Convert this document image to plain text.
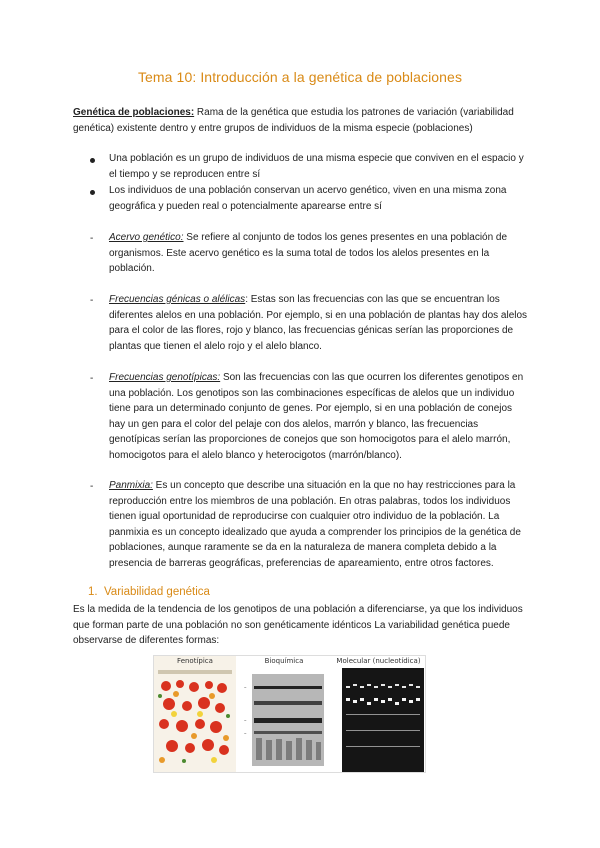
Tema 10: Introducción a la genética de poblaciones
Genética de poblaciones: Rama de la genética que estudia los patrones de variación (variabilidad genética) existente dentro y entre grupos de individuos de la misma especie (poblaciones)
Una población es un grupo de individuos de una misma especie que conviven en el espacio y el tiempo y se reproducen entre sí
Los individuos de una población conservan un acervo genético, viven en una misma zona geográfica y pueden real o potencialmente aparearse entre sí
- Acervo genético: Se refiere al conjunto de todos los genes presentes en una población de organismos. Este acervo genético es la suma total de todos los alelos presentes en la población.
- Frecuencias génicas o alélicas: Estas son las frecuencias con las que se encuentran los diferentes alelos en una población. Por ejemplo, si en una población de plantas hay dos alelos para el color de las flores, rojo y blanco, las frecuencias génicas serían las proporciones de plantas que tienen el alelo rojo y el alelo blanco.
- Frecuencias genotípicas: Son las frecuencias con las que ocurren los diferentes genotipos en una población. Los genotipos son las combinaciones específicas de alelos que un individuo tiene para un determinado conjunto de genes. Por ejemplo, si en una población de conejos hay un gen para el color del pelaje con dos alelos, marrón y blanco, las frecuencias genotípicas serían las proporciones de conejos que son homocigotos para el alelo marrón, homocigotos para el alelo blanco y heterocigotos (marrón/blanco).
- Panmixia: Es un concepto que describe una situación en la que no hay restricciones para la reproducción entre los miembros de una población. En otras palabras, todos los individuos tienen igual oportunidad de reproducirse con cualquier otro individuo de la población. La panmixia es un concepto idealizado que ayuda a comprender los principios de la genética de poblaciones, aunque raramente se da en la naturaleza de manera completa debido a la presencia de barreras geográficas, preferencias de apareamiento, entre otros factores.
1. Variabilidad genética
Es la medida de la tendencia de los genotipos de una población a diferenciarse, ya que los individuos que forman parte de una población no son genéticamente idénticos La variabilidad genética puede observarse de diferentes formas:
Fenotípica	Bioquímica
–
–
–
Molecular (nucleotídica)
